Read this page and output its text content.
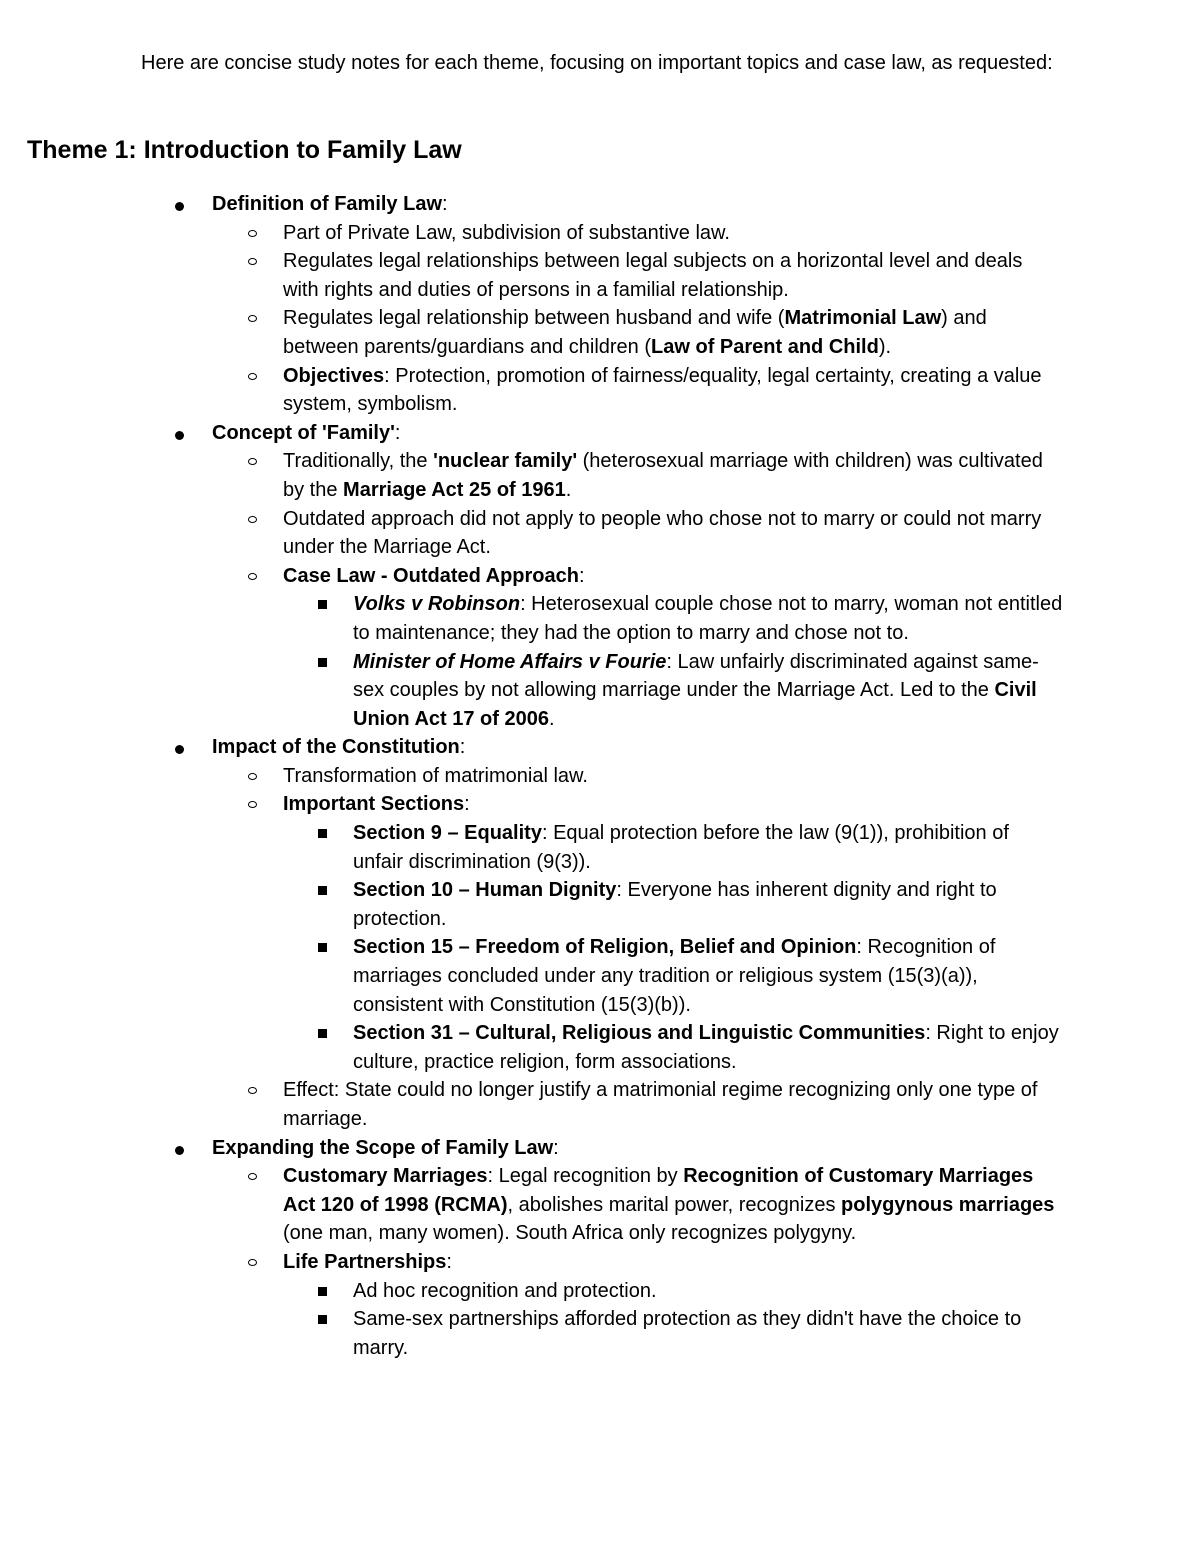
Here are concise study notes for each theme, focusing on important topics and case law, as requested:

Theme 1: Introduction to Family Law
Definition of Family Law:
Part of Private Law, subdivision of substantive law.
Regulates legal relationships between legal subjects on a horizontal level and deals with rights and duties of persons in a familial relationship.
Regulates legal relationship between husband and wife (Matrimonial Law) and between parents/guardians and children (Law of Parent and Child).
Objectives: Protection, promotion of fairness/equality, legal certainty, creating a value system, symbolism.
Concept of 'Family':
Traditionally, the 'nuclear family' (heterosexual marriage with children) was cultivated by the Marriage Act 25 of 1961.
Outdated approach did not apply to people who chose not to marry or could not marry under the Marriage Act.
Case Law - Outdated Approach:
Volks v Robinson: Heterosexual couple chose not to marry, woman not entitled to maintenance; they had the option to marry and chose not to.
Minister of Home Affairs v Fourie: Law unfairly discriminated against same-sex couples by not allowing marriage under the Marriage Act. Led to the Civil Union Act 17 of 2006.
Impact of the Constitution:
Transformation of matrimonial law.
Important Sections:
Section 9 – Equality: Equal protection before the law (9(1)), prohibition of unfair discrimination (9(3)).
Section 10 – Human Dignity: Everyone has inherent dignity and right to protection.
Section 15 – Freedom of Religion, Belief and Opinion: Recognition of marriages concluded under any tradition or religious system (15(3)(a)), consistent with Constitution (15(3)(b)).
Section 31 – Cultural, Religious and Linguistic Communities: Right to enjoy culture, practice religion, form associations.
Effect: State could no longer justify a matrimonial regime recognizing only one type of marriage.
Expanding the Scope of Family Law:
Customary Marriages: Legal recognition by Recognition of Customary Marriages Act 120 of 1998 (RCMA), abolishes marital power, recognizes polygynous marriages (one man, many women). South Africa only recognizes polygyny.
Life Partnerships:
Ad hoc recognition and protection.
Same-sex partnerships afforded protection as they didn't have the choice to marry.
